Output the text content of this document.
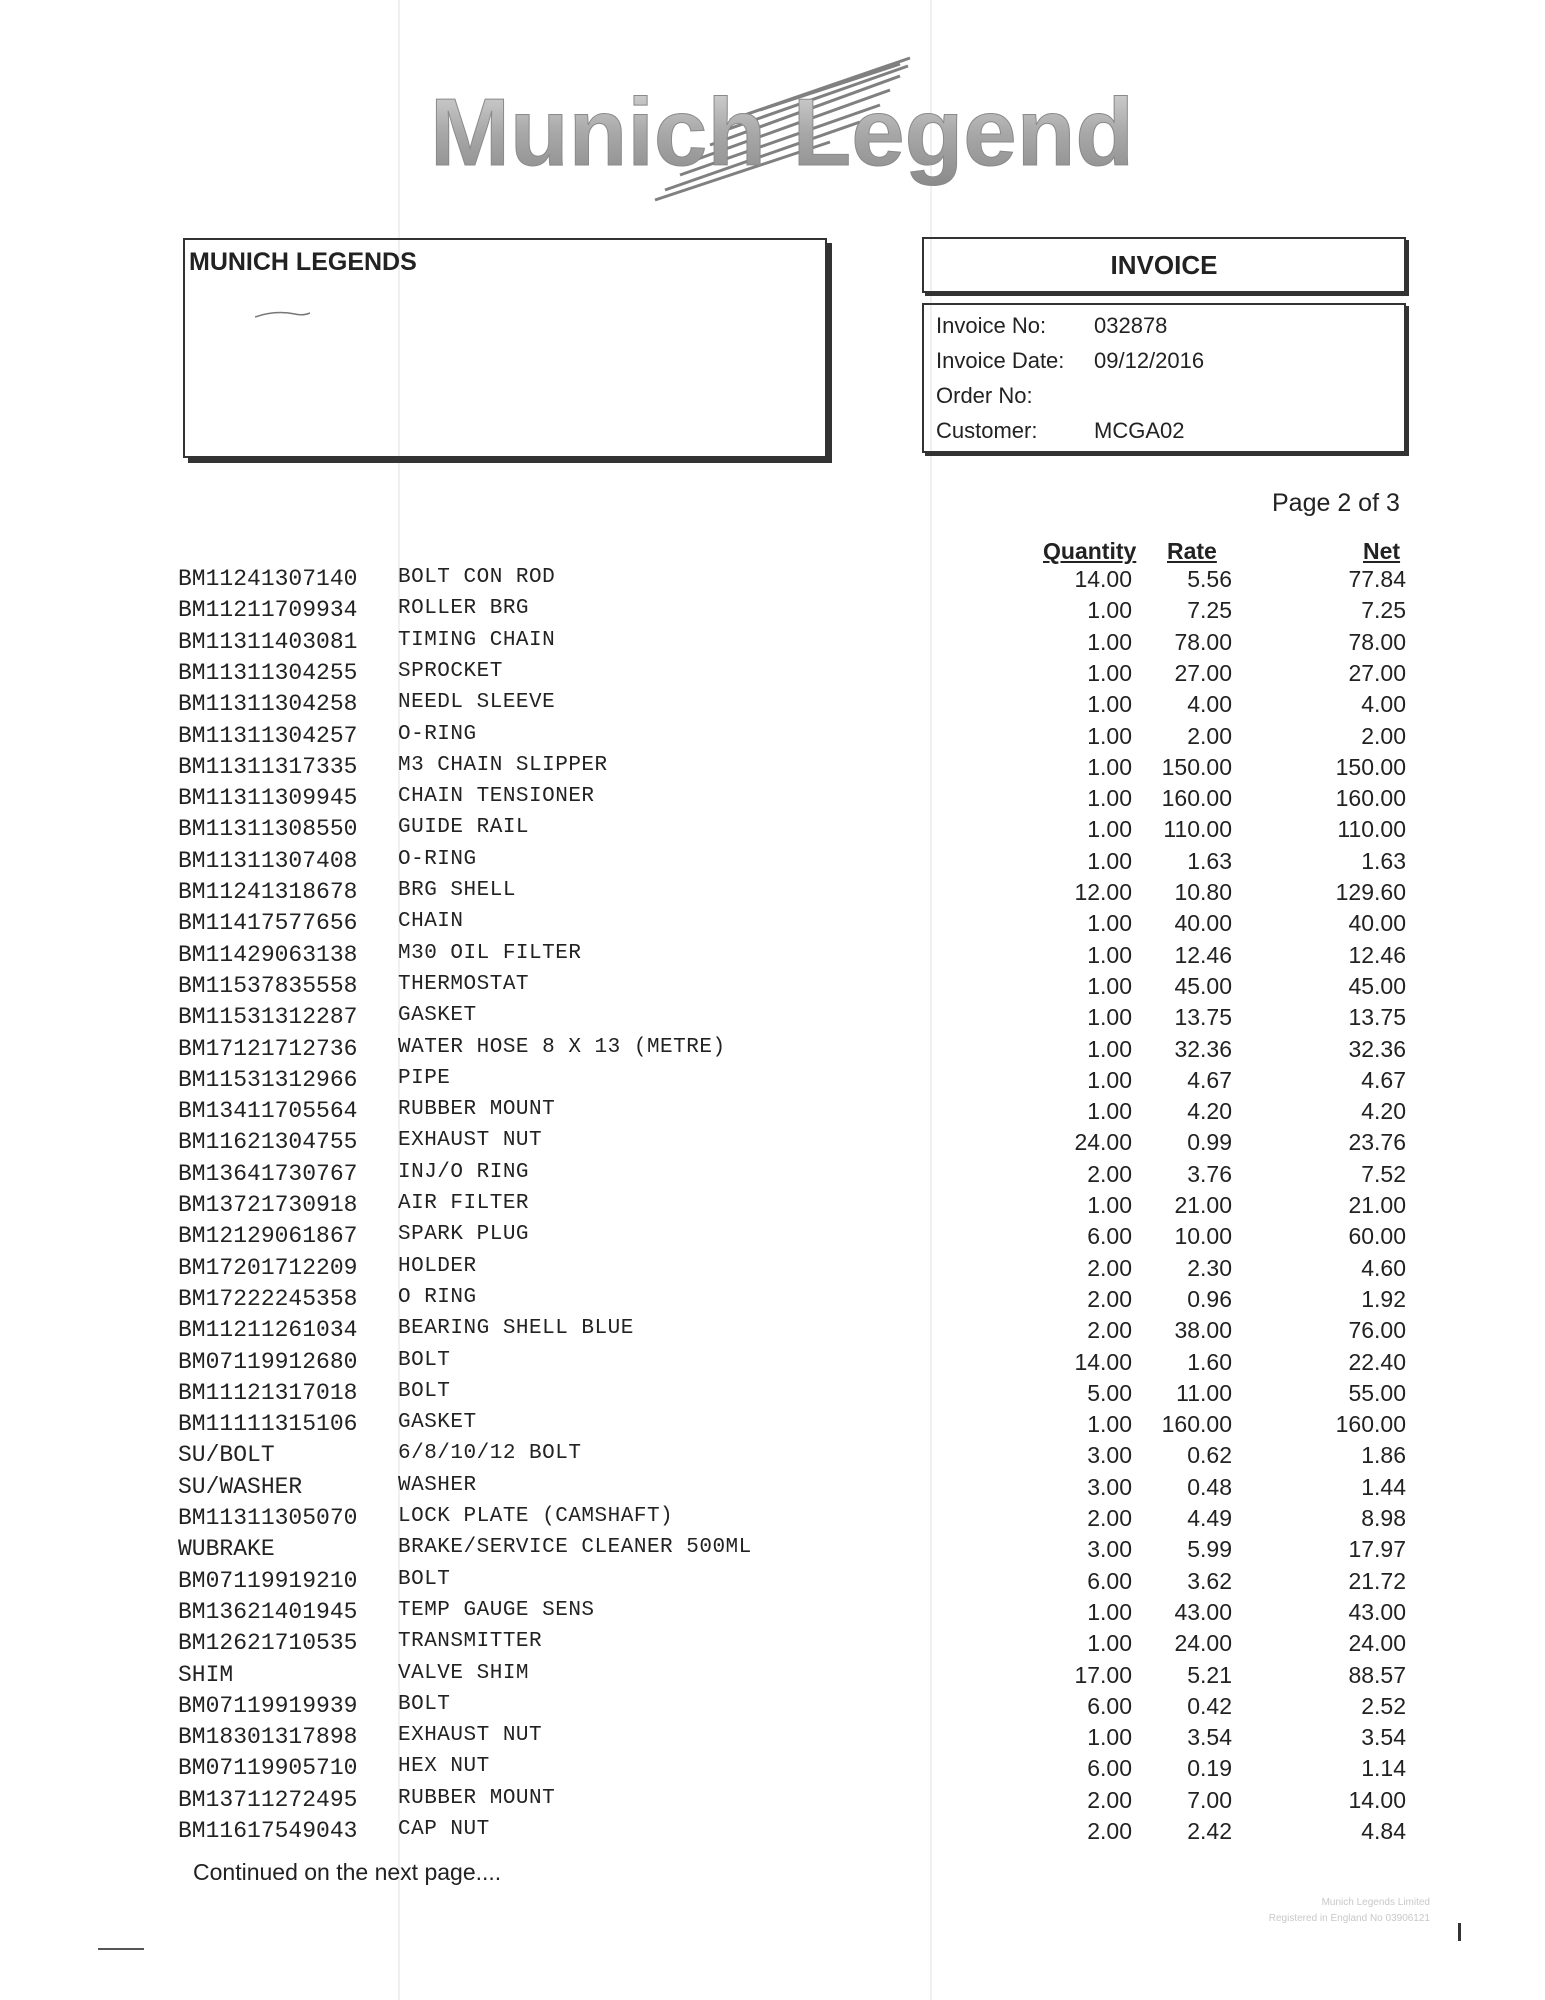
Munich Legends
MUNICH LEGENDS	INVOICE
Invoice No: 032878
Invoice Date: 09/12/2016
Order No:
Customer:	MCGA02
Page 2 of 3
Quantity Rate	Net
BM11241307140 BOLT CON ROD	14.00	5.56	77.84
BM11211709934 ROLLER BRG	1.00	7.25	7.25
BM11311403081 TIMING CHAIN	1.00	78.00	78.00
BM11311304255 SPROCKET	1.00	27.00	27.00
BM11311304258 NEEDL SLEEVE	1.00	4.00	4.00
BM11311304257 O-RING	1.00	2.00	2.00
BM11311317335 M3 CHAIN SLIPPER	1.00	150.00	150.00
BM11311309945 CHAIN TENSIONER	1.00	160.00	160.00
BM11311308550 GUIDE RAIL	1.00	110.00	110.00
BM11311307408 O-RING	1.00	1.63	1.63
BM11241318678 BRG SHELL	12.00	10.80	129.60
BM11417577656 CHAIN	1.00	40.00	40.00
BM11429063138 M30 OIL FILTER	1.00	12.46	12.46
BM11537835558 THERMOSTAT	1.00	45.00	45.00
BM11531312287 GASKET	1.00	13.75	13.75
BM17121712736 WATER HOSE 8 X 13 (METRE)	1.00	32.36	32.36
BM11531312966 PIPE	1.00	4.67	4.67
BM13411705564 RUBBER MOUNT	1.00	4.20	4.20
BM11621304755 EXHAUST NUT	24.00	0.99	23.76
BM13641730767 INJ/O RING	2.00	3.76	7.52
BM13721730918 AIR FILTER	1.00	21.00	21.00
BM12129061867 SPARK PLUG	6.00	10.00	60.00
BM17201712209 HOLDER	2.00	2.30	4.60
BM17222245358 O RING	2.00	0.96	1.92
BM11211261034 BEARING SHELL BLUE	2.00	38.00	76.00
BM07119912680 BOLT	14.00	1.60	22.40
BM11121317018 BOLT	5.00	11.00	55.00
BM11111315106 GASKET	1.00	160.00	160.00
SU/BOLT	6/8/10/12 BOLT	3.00	0.62	1.86
SU/WASHER	WASHER	3.00	0.48	1.44
BM11311305070 LOCK PLATE (CAMSHAFT)	2.00	4.49	8.98
WUBRAKE	BRAKE/SERVICE CLEANER 500ML	3.00	5.99	17.97
BM07119919210 BOLT	6.00	3.62	21.72
BM13621401945 TEMP GAUGE SENS	1.00	43.00	43.00
BM12621710535 TRANSMITTER	1.00	24.00	24.00
SHIM	VALVE SHIM	17.00	5.21	88.57
BM07119919939 BOLT	6.00	0.42	2.52
BM18301317898 EXHAUST NUT	1.00	3.54	3.54
BM07119905710 HEX NUT	6.00	0.19	1.14
BM13711272495 RUBBER MOUNT	2.00	7.00	14.00
BM11617549043 CAP NUT	2.00	2.42	4.84
Continued on the next page....
Munich Legends Limited
Registered in England No 03906121
